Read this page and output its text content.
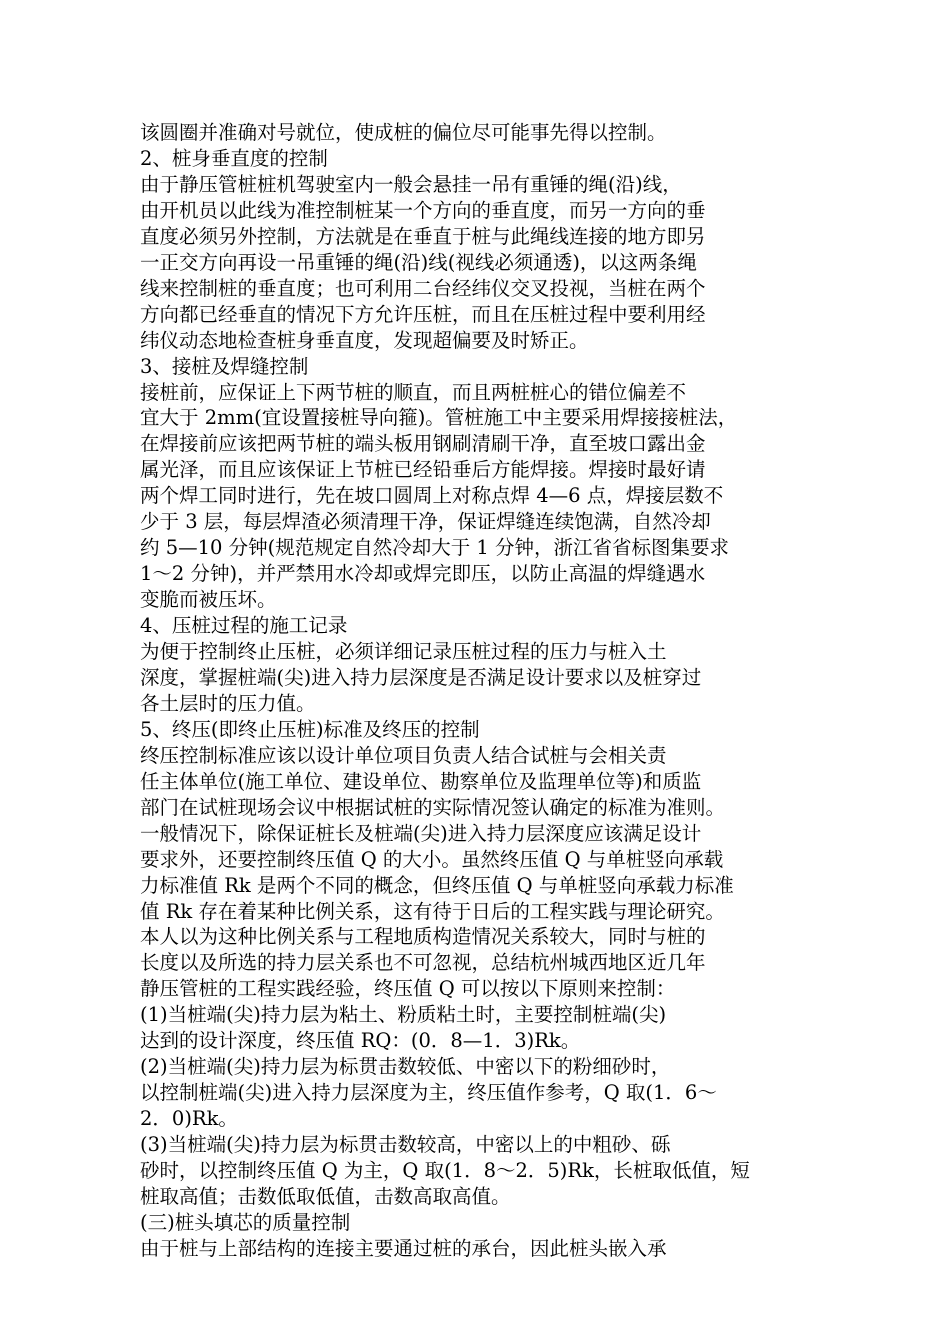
该圆圈并准确对号就位，使成桩的偏位尽可能事先得以控制。
2、桩身垂直度的控制
由于静压管桩桩机驾驶室内一般会悬挂一吊有重锤的绳(沿)线，
由开机员以此线为准控制桩某一个方向的垂直度，而另一方向的垂
直度必须另外控制，方法就是在垂直于桩与此绳线连接的地方即另
一正交方向再设一吊重锤的绳(沿)线(视线必须通透)，以这两条绳
线来控制桩的垂直度；也可利用二台经纬仪交叉投视，当桩在两个
方向都已经垂直的情况下方允许压桩，而且在压桩过程中要利用经
纬仪动态地检查桩身垂直度，发现超偏要及时矫正。
3、接桩及焊缝控制
接桩前，应保证上下两节桩的顺直，而且两桩桩心的错位偏差不
宜大于 2mm(宜设置接桩导向箍)。管桩施工中主要采用焊接接桩法，
在焊接前应该把两节桩的端头板用钢刷清刷干净，直至坡口露出金
属光泽，而且应该保证上节桩已经铅垂后方能焊接。焊接时最好请
两个焊工同时进行，先在坡口圆周上对称点焊 4—6 点，焊接层数不
少于 3 层，每层焊渣必须清理干净，保证焊缝连续饱满，自然冷却
约 5—10 分钟(规范规定自然冷却大于 1 分钟，浙江省省标图集要求
1～2 分钟)，并严禁用水冷却或焊完即压，以防止高温的焊缝遇水
变脆而被压坏。
4、压桩过程的施工记录
为便于控制终止压桩，必须详细记录压桩过程的压力与桩入土
深度，掌握桩端(尖)进入持力层深度是否满足设计要求以及桩穿过
各土层时的压力值。
5、终压(即终止压桩)标准及终压的控制
终压控制标准应该以设计单位项目负责人结合试桩与会相关责
任主体单位(施工单位、建设单位、勘察单位及监理单位等)和质监
部门在试桩现场会议中根据试桩的实际情况签认确定的标准为准则。
一般情况下，除保证桩长及桩端(尖)进入持力层深度应该满足设计
要求外，还要控制终压值 Q 的大小。虽然终压值 Q 与单桩竖向承载
力标准值 Rk 是两个不同的概念，但终压值 Q 与单桩竖向承载力标准
值 Rk 存在着某种比例关系，这有待于日后的工程实践与理论研究。
本人以为这种比例关系与工程地质构造情况关系较大，同时与桩的
长度以及所选的持力层关系也不可忽视，总结杭州城西地区近几年
静压管桩的工程实践经验，终压值 Q 可以按以下原则来控制：
(1)当桩端(尖)持力层为粘土、粉质粘土时，主要控制桩端(尖)
达到的设计深度，终压值 RQ：(0．8—1．3)Rk。
(2)当桩端(尖)持力层为标贯击数较低、中密以下的粉细砂时，
以控制桩端(尖)进入持力层深度为主，终压值作参考，Q 取(1．6～
2．0)Rk。
(3)当桩端(尖)持力层为标贯击数较高，中密以上的中粗砂、砾
砂时，以控制终压值 Q 为主，Q 取(1．8～2．5)Rk，长桩取低值，短
桩取高值；击数低取低值，击数高取高值。
(三)桩头填芯的质量控制
由于桩与上部结构的连接主要通过桩的承台，因此桩头嵌入承
